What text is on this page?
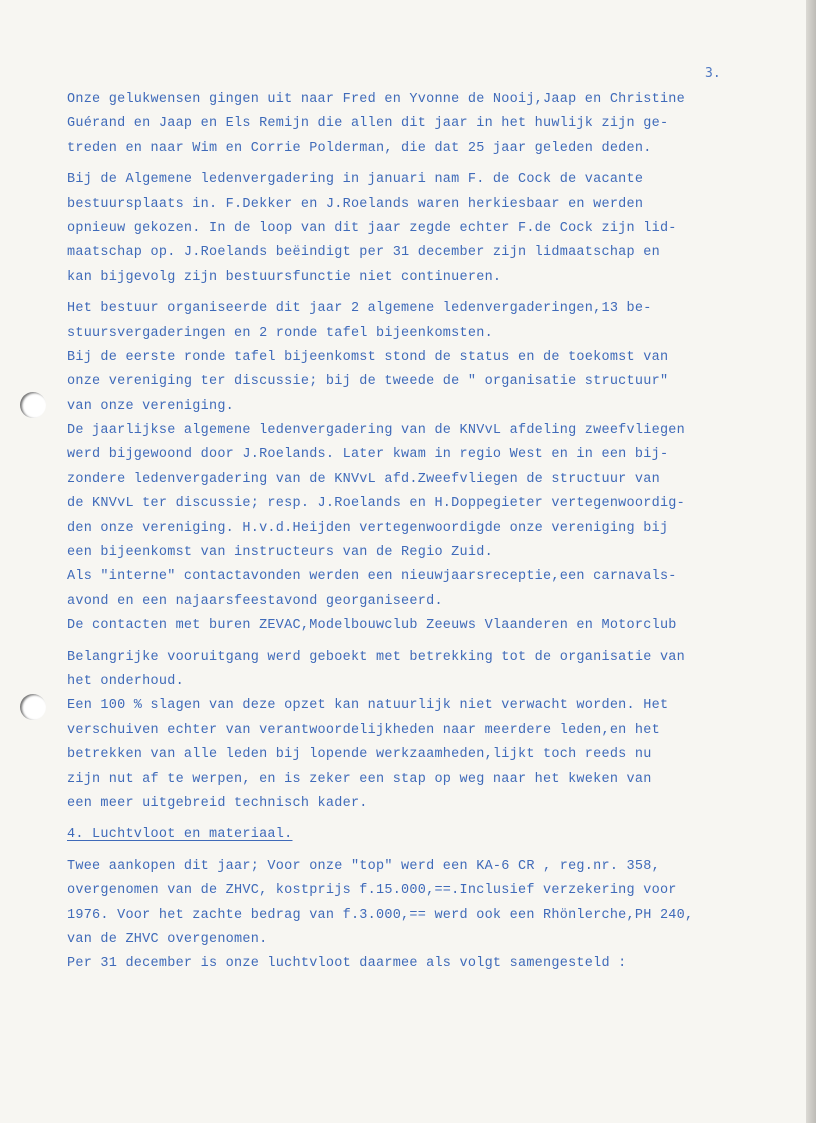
3.
Onze gelukwensen gingen uit naar Fred en Yvonne de Nooij,Jaap en Christine
Guérand en Jaap en Els Remijn die allen dit jaar in het huwlijk zijn ge-
treden en naar Wim en Corrie Polderman, die dat 25 jaar geleden deden.
Bij de Algemene ledenvergadering in januari nam F. de Cock de vacante
bestuursplaats in. F.Dekker en J.Roelands waren herkiesbaar en werden
opnieuw gekozen. In de loop van dit jaar zegde echter F.de Cock zijn lid-
maatschap op. J.Roelands beëindigt per 31 december zijn lidmaatschap en
kan bijgevolg zijn bestuursfunctie niet continueren.
Het bestuur organiseerde dit jaar 2 algemene ledenvergaderingen,13 be-
stuursvergaderingen en 2 ronde tafel bijeenkomsten.
Bij de eerste ronde tafel bijeenkomst stond de status en de toekomst van
onze vereniging ter discussie; bij de tweede de " organisatie structuur"
van onze vereniging.
De jaarlijkse algemene ledenvergadering van de KNVvL afdeling zweefvliegen
werd bijgewoond door J.Roelands. Later kwam in regio West en in een bij-
zondere ledenvergadering van de KNVvL afd.Zweefvliegen de structuur van
de KNVvL ter discussie; resp. J.Roelands en H.Doppegieter vertegenwoordig-
den onze vereniging. H.v.d.Heijden vertegenwoordigde onze vereniging bij
een bijeenkomst van instructeurs van de Regio Zuid.
Als "interne" contactavonden werden een nieuwjaarsreceptie,een carnavals-
avond en een najaarsfeestavond georganiseerd.
De contacten met buren ZEVAC,Modelbouwclub Zeeuws Vlaanderen en Motorclub
Belangrijke vooruitgang werd geboekt met betrekking tot de organisatie van
het onderhoud.
Een 100 % slagen van deze opzet kan natuurlijk niet verwacht worden. Het
verschuiven echter van verantwoordelijkheden naar meerdere leden,en het
betrekken van alle leden bij lopende werkzaamheden,lijkt toch reeds nu
zijn nut af te werpen, en is zeker een stap op weg naar het kweken van
een meer uitgebreid technisch kader.
4. Luchtvloot en materiaal.
Twee aankopen dit jaar; Voor onze "top" werd een KA-6 CR , reg.nr. 358,
overgenomen van de ZHVC, kostprijs f.15.000,==.Inclusief verzekering voor
1976. Voor het zachte bedrag van f.3.000,== werd ook een Rhönlerche,PH 240,
van de ZHVC overgenomen.
Per 31 december is onze luchtvloot daarmee als volgt samengesteld :
